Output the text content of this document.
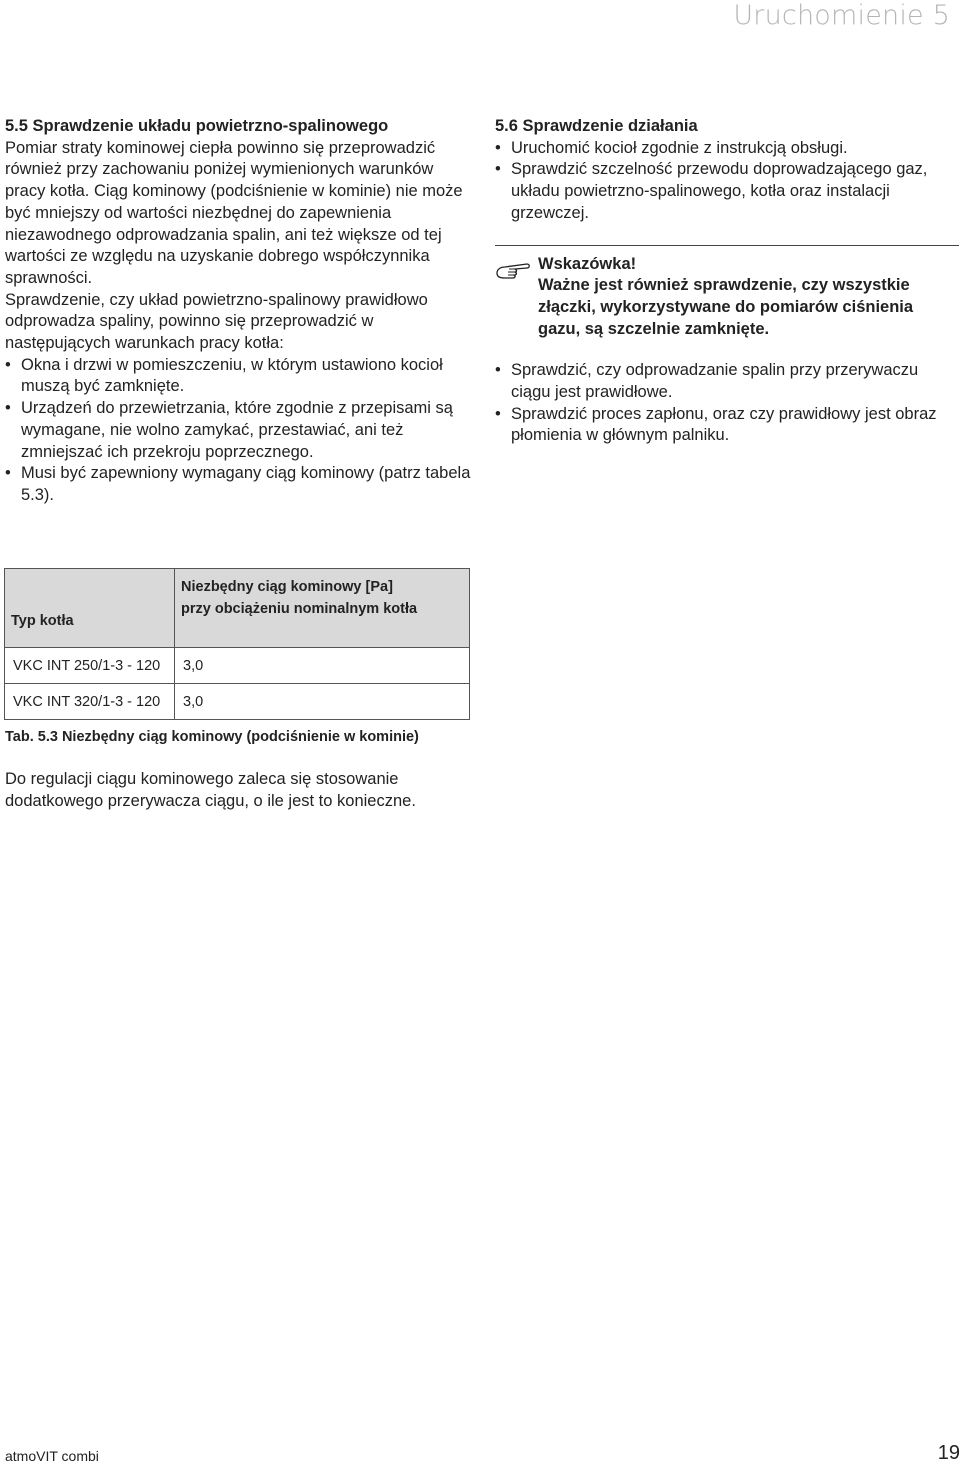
Uruchomienie 5
5.5 Sprawdzenie układu powietrzno-spalinowego

Pomiar straty kominowej ciepła powinno się przeprowadzić również przy zachowaniu poniżej wymienionych warunków pracy kotła. Ciąg kominowy (podciśnienie w kominie) nie może być mniejszy od wartości niezbędnej do zapewnienia niezawodnego odprowadzania spalin, ani też większe od tej wartości ze względu na uzyskanie dobrego współczynnika sprawności.

Sprawdzenie, czy układ powietrzno-spalinowy prawidłowo odprowadza spaliny, powinno się przeprowadzić w następujących warunkach pracy kotła:

• Okna i drzwi w pomieszczeniu, w którym ustawiono kocioł muszą być zamknięte.
• Urządzeń do przewietrzania, które zgodnie z przepisami są wymagane, nie wolno zamykać, przestawiać, ani też zmniejszać ich przekroju poprzecznego.
• Musi być zapewniony wymagany ciąg kominowy (patrz tabela 5.3).
Typ kotła	Niezbędny ciąg kominowy [Pa]
przy obciążeniu nominalnym kotła

VKC INT 250/1-3 - 120	3,0
VKC INT 320/1-3 - 120	3,0
Tab. 5.3 Niezbędny ciąg kominowy (podciśnienie w kominie)
Do regulacji ciągu kominowego zaleca się stosowanie dodatkowego przerywacza ciągu, o ile jest to konieczne.
5.6 Sprawdzenie działania
• Uruchomić kocioł zgodnie z instrukcją obsługi.
• Sprawdzić szczelność przewodu doprowadzającego gaz, układu powietrzno-spalinowego, kotła oraz instalacji grzewczej.
Wskazówka!
Ważne jest również sprawdzenie, czy wszystkie złączki, wykorzystywane do pomiarów ciśnienia gazu, są szczelnie zamknięte.
• Sprawdzić, czy odprowadzanie spalin przy przerywaczu ciągu jest prawidłowe.
• Sprawdzić proces zapłonu, oraz czy prawidłowy jest obraz płomienia w głównym palniku.
atmoVIT combi	19
